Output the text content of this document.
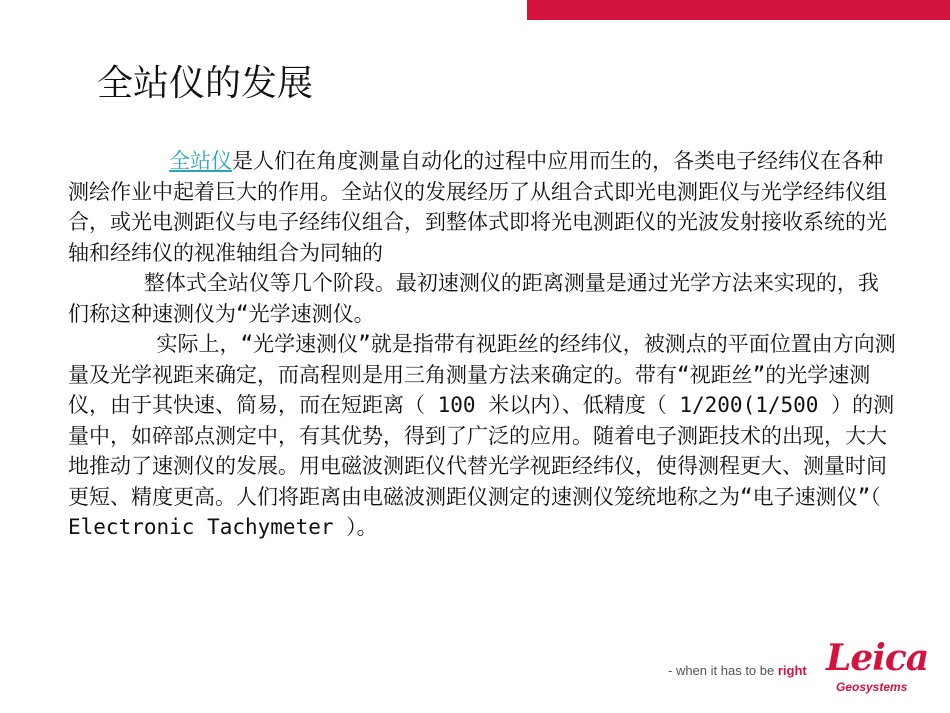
全站仪的发展

全站仪是人们在角度测量自动化的过程中应用而生的，各类电子经纬仪在各种测绘作业中起着巨大的作用。全站仪的发展经历了从组合式即光电测距仪与光学经纬仪组合，或光电测距仪与电子经纬仪组合，到整体式即将光电测距仪的光波发射接收系统的光轴和经纬仪的视准轴组合为同轴的

整体式全站仪等几个阶段。最初速测仪的距离测量是通过光学方法来实现的，我们称这种速测仪为“光学速测仪。

实际上，“光学速测仪”就是指带有视距丝的经纬仪，被测点的平面位置由方向测量及光学视距来确定，而高程则是用三角测量方法来确定的。带有“视距丝”的光学速测仪，由于其快速、简易，而在短距离（ 100 米以内）、低精度（ 1/200(1/500 ）的测量中，如碎部点测定中，有其优势，得到了广泛的应用。随着电子测距技术的出现，大大地推动了速测仪的发展。用电磁波测距仪代替光学视距经纬仪，使得测程更大、测量时间更短、精度更高。人们将距离由电磁波测距仪测定的速测仪笼统地称之为“电子速测仪”（ Electronic Tachymeter ）。

- when it has to be right Leica
Geosystems
